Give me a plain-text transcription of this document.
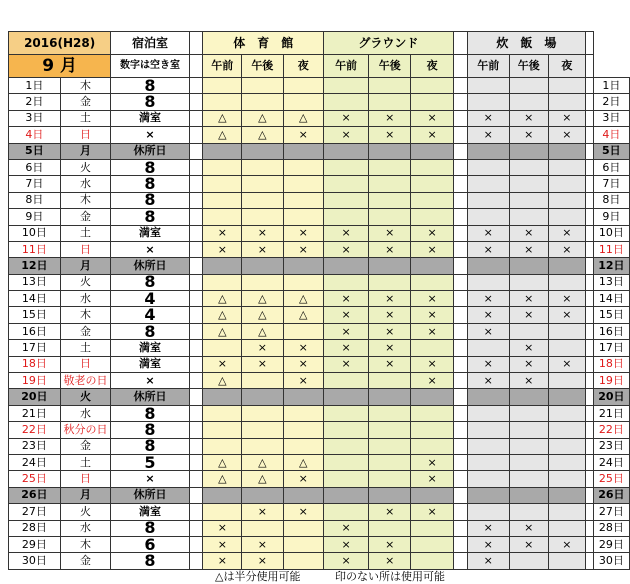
2016(H28)		宿泊室		体　育　館			グラウンド				炊　飯　場				
9 月		数字は空き室		午前	午後	夜	午前	午後	夜		午前	午後	夜		
1日	木	8													1日
2日	金	8													2日
3日	土	満室		△	△	△	×	×	×		×	×	×		3日
4日	日	×		△	△	×	×	×	×		×	×	×		4日
5日	月	休所日													5日
6日	火	8													6日
7日	水	8													7日
8日	木	8													8日
9日	金	8													9日
10日	土	満室		×	×	×	×	×	×		×	×	×		10日
11日	日	×		×	×	×	×	×	×		×	×	×		11日
12日	月	休所日													12日
13日	火	8													13日
14日	水	4		△	△	△	×	×	×		×	×	×		14日
15日	木	4		△	△	△	×	×	×		×	×	×		15日
16日	金	8		△	△		×	×	×		×				16日
17日	土	満室			×	×	×	×				×			17日
18日	日	満室		×	×	×	×	×	×		×	×	×		18日
19日	敬老の日	×		△		×			×		×	×			19日
20日	火	休所日													20日
21日	水	8													21日
22日	秋分の日	8													22日
23日	金	8													23日
24日	土	5		△	△	△			×						24日
25日	日	×		△	△	×			×						25日
26日	月	休所日													26日
27日	火	満室			×	×		×	×						27日
28日	水	8		×			×				×	×			28日
29日	木	6		×	×		×	×			×	×	×		29日
30日	金	8		×	×		×	×			×				30日
△は半分使用可能	印のない所は使用可能
